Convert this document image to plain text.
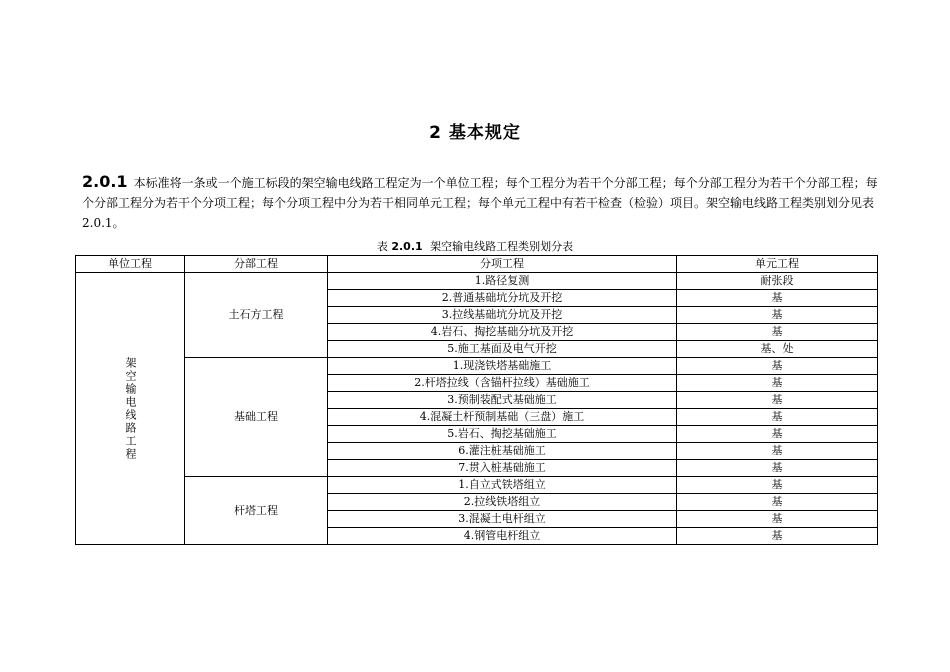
2 基本规定
2.0.1 本标准将一条或一个施工标段的架空输电线路工程定为一个单位工程；每个工程分为若干个分部工程；每个分部工程分为若干个分部工程；每个分部工程分为若干个分项工程；每个分项工程中分为若干相同单元工程；每个单元工程中有若干检查（检验）项目。架空输电线路工程类别划分见表 2.0.1。
表 2.0.1 架空输电线路工程类别划分表
单位工程	分部工程	分项工程	单元工程

架空输电线路工程	土石方工程	1.路径复测	耐张段
		2.普通基础坑分坑及开挖	基
		3.拉线基础坑分坑及开挖	基
		4.岩石、掏挖基础分坑及开挖	基
		5.施工基面及电气开挖	基、处
	基础工程	1.现浇铁塔基础施工	基
		2.杆塔拉线（含锚杆拉线）基础施工	基
		3.预制装配式基础施工	基
		4.混凝土杆预制基础（三盘）施工	基
		5.岩石、掏挖基础施工	基
		6.灌注桩基础施工	基
		7.贯入桩基础施工	基
	杆塔工程	1.自立式铁塔组立	基
		2.拉线铁塔组立	基
		3.混凝土电杆组立	基
		4.钢管电杆组立	基
